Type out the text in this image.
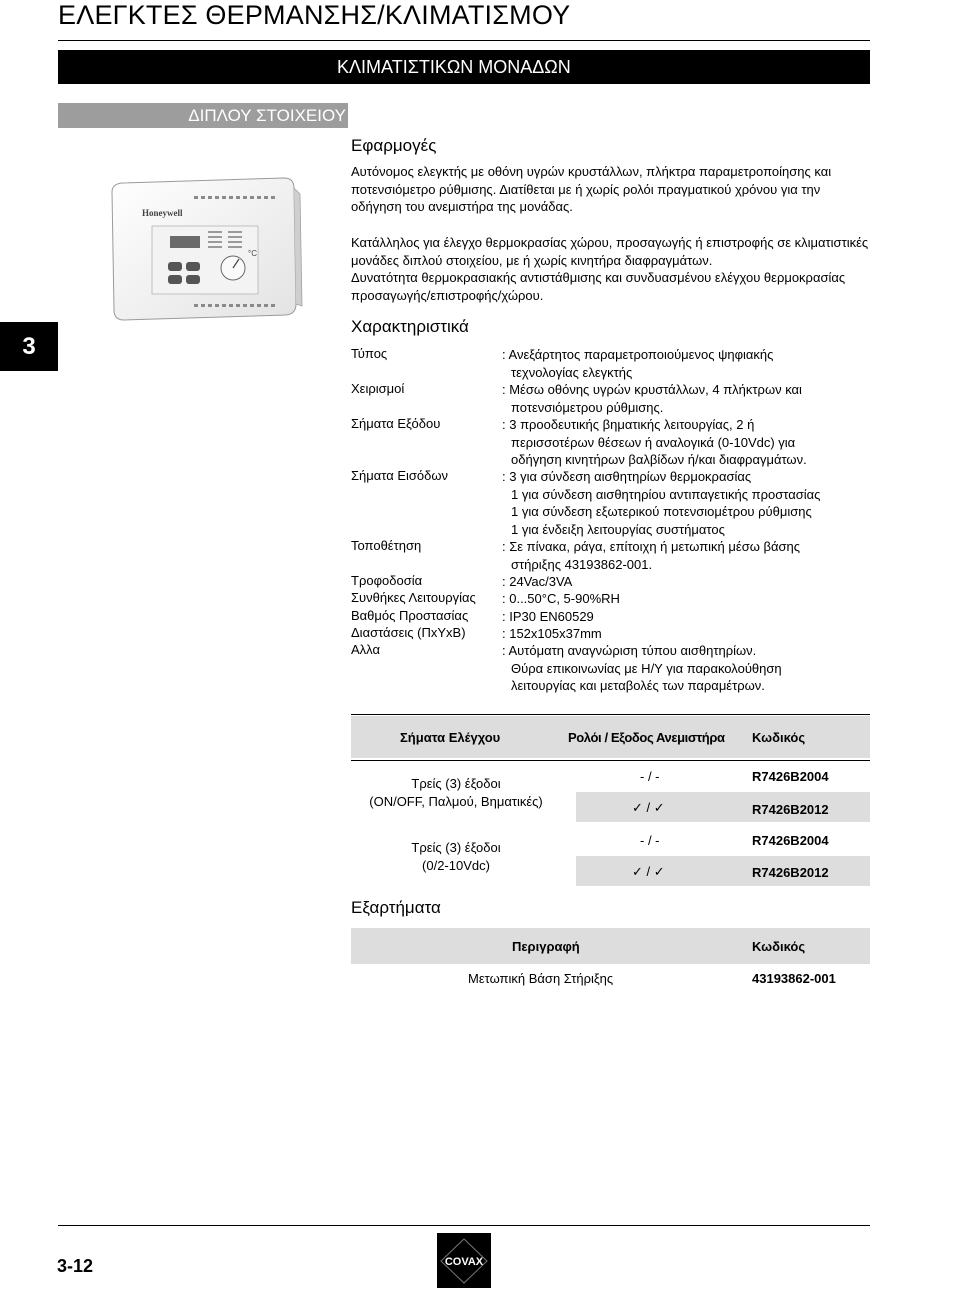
ΕΛΕΓΚΤΕΣ ΘΕΡΜΑΝΣΗΣ/ΚΛΙΜΑΤΙΣΜΟΥ
ΚΛΙΜΑΤΙΣΤΙΚΩΝ ΜΟΝΑΔΩΝ
ΔΙΠΛΟΥ ΣΤΟΙΧΕΙΟΥ
3
Honeywell
°C
Εφαρμογές

Αυτόνομος ελεγκτής με οθόνη υγρών κρυστάλλων, πλήκτρα παραμετροποίησης και ποτενσιόμετρο ρύθμισης. Διατίθεται με ή χωρίς ρολόι πραγματικού χρόνου για την οδήγηση του ανεμιστήρα της μονάδας.

Κατάλληλος για έλεγχο θερμοκρασίας χώρου, προσαγωγής ή επιστροφής σε κλιματιστικές μονάδες διπλού στοιχείου, με ή χωρίς κινητήρα διαφραγμάτων.

Δυνατότητα θερμοκρασιακής αντιστάθμισης και συνδυασμένου ελέγχου θερμοκρασίας προσαγωγής/επιστροφής/χώρου.

Χαρακτηριστικά
Τύπος	: Ανεξάρτητος παραμετροποιούμενος ψηφιακής
τεχνολογίας ελεγκτής
Χειρισμοί	: Μέσω οθόνης υγρών κρυστάλλων, 4 πλήκτρων και
ποτενσιόμετρου ρύθμισης.
Σήματα Εξόδου	: 3 προοδευτικής βηματικής λειτουργίας, 2 ή
περισσοτέρων θέσεων ή αναλογικά (0-10Vdc) για
οδήγηση κινητήρων βαλβίδων ή/και διαφραγμάτων.
Σήματα Εισόδων	: 3 για σύνδεση αισθητηρίων θερμοκρασίας
1 για σύνδεση αισθητηρίου αντιπαγετικής προστασίας
1 για σύνδεση εξωτερικού ποτενσιομέτρου ρύθμισης
1 για ένδειξη λειτουργίας συστήματος
Τοποθέτηση	: Σε πίνακα, ράγα, επίτοιχη ή μετωπική μέσω βάσης
στήριξης 43193862-001.
Τροφοδοσία	: 24Vac/3VA
Συνθήκες Λειτουργίας : 0...50°C, 5-90%RH
Βαθμός Προστασίας	: IP30 EN60529
Διαστάσεις (ΠxΥxΒ)	: 152x105x37mm
Αλλα	: Αυτόματη αναγνώριση τύπου αισθητηρίων.
Θύρα επικοινωνίας με Η/Υ για παρακολούθηση
λειτουργίας και μεταβολές των παραμέτρων.
Σήματα Ελέγχου	Ρολόι / Εξοδος Ανεμιστήρα Κωδικός
Τρείς (3) έξοδοι
(ON/OFF, Παλμού, Βηματικές)
- / -	R7426B2004
✓ / ✓	R7426B2012
Τρείς (3) έξοδοι
(0/2-10Vdc)
- / -	R7426B2004
✓ / ✓	R7426B2012
Εξαρτήματα
Περιγραφή	Κωδικός
Μετωπική Βάση Στήριξης	43193862-001
3-12	COVAX
